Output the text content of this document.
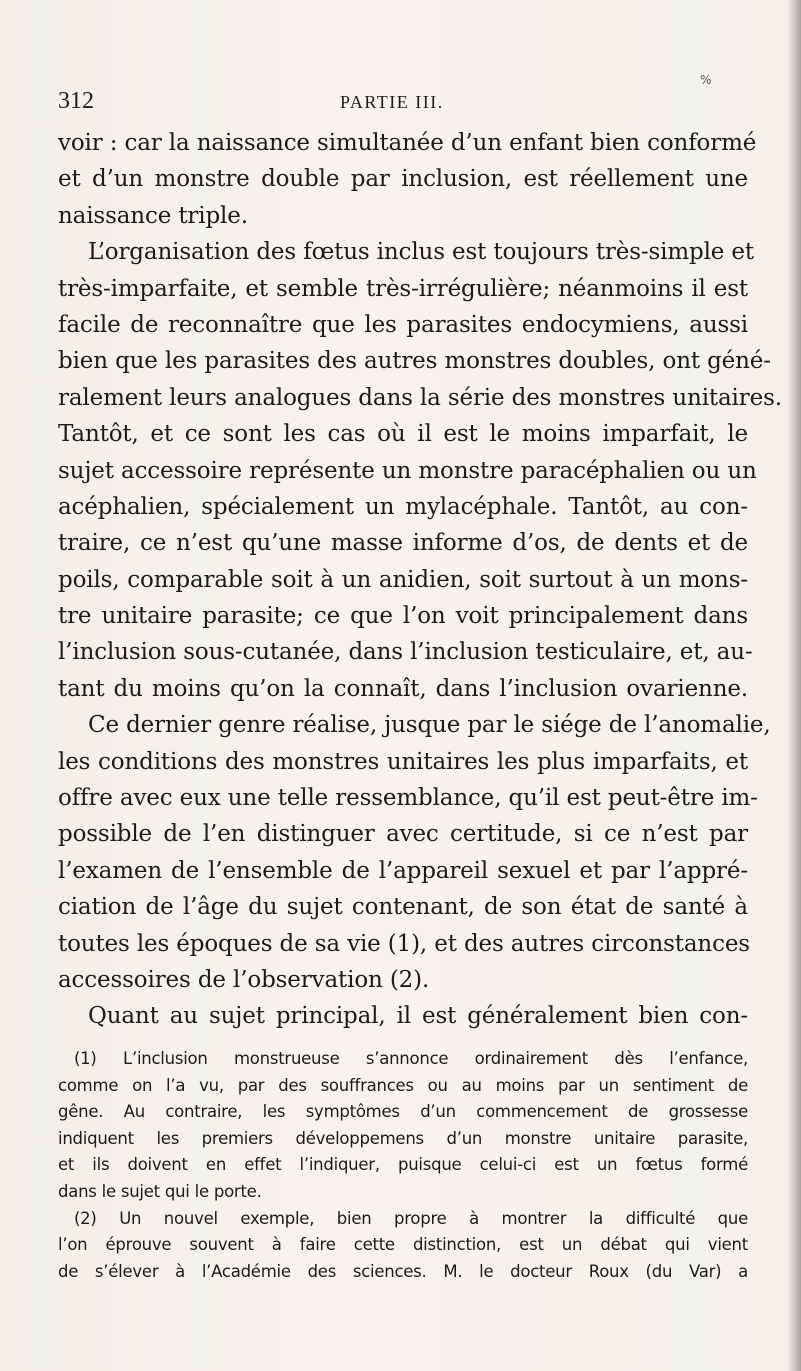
%
312	PARTIE III.
voir : car la naissance simultanée d’un enfant bien conformé
et d’un monstre double par inclusion, est réellement une
naissance triple.
L’organisation des fœtus inclus est toujours très-simple et
très-imparfaite, et semble très-irrégulière; néanmoins il est
facile de reconnaître que les parasites endocymiens, aussi
bien que les parasites des autres monstres doubles, ont géné-
ralement leurs analogues dans la série des monstres unitaires.
Tantôt, et ce sont les cas où il est le moins imparfait, le
sujet accessoire représente un monstre paracéphalien ou un
acéphalien, spécialement un mylacéphale. Tantôt, au con-
traire, ce n’est qu’une masse informe d’os, de dents et de
poils, comparable soit à un anidien, soit surtout à un mons-
tre unitaire parasite; ce que l’on voit principalement dans
l’inclusion sous-cutanée, dans l’inclusion testiculaire, et, au-
tant du moins qu’on la connaît, dans l’inclusion ovarienne.
Ce dernier genre réalise, jusque par le siége de l’anomalie,
les conditions des monstres unitaires les plus imparfaits, et
offre avec eux une telle ressemblance, qu’il est peut-être im-
possible de l’en distinguer avec certitude, si ce n’est par
l’examen de l’ensemble de l’appareil sexuel et par l’appré-
ciation de l’âge du sujet contenant, de son état de santé à
toutes les époques de sa vie (1), et des autres circonstances
accessoires de l’observation (2).
Quant au sujet principal, il est généralement bien con-
(1) L’inclusion monstrueuse s’annonce ordinairement dès l’enfance,
comme on l’a vu, par des souffrances ou au moins par un sentiment de
gêne. Au contraire, les symptômes d’un commencement de grossesse
indiquent les premiers développemens d’un monstre unitaire parasite,
et ils doivent en effet l’indiquer, puisque celui-ci est un fœtus formé
dans le sujet qui le porte.
(2) Un nouvel exemple, bien propre à montrer la difficulté que
l’on éprouve souvent à faire cette distinction, est un débat qui vient
de s’élever à l’Académie des sciences. M. le docteur Roux (du Var) a
